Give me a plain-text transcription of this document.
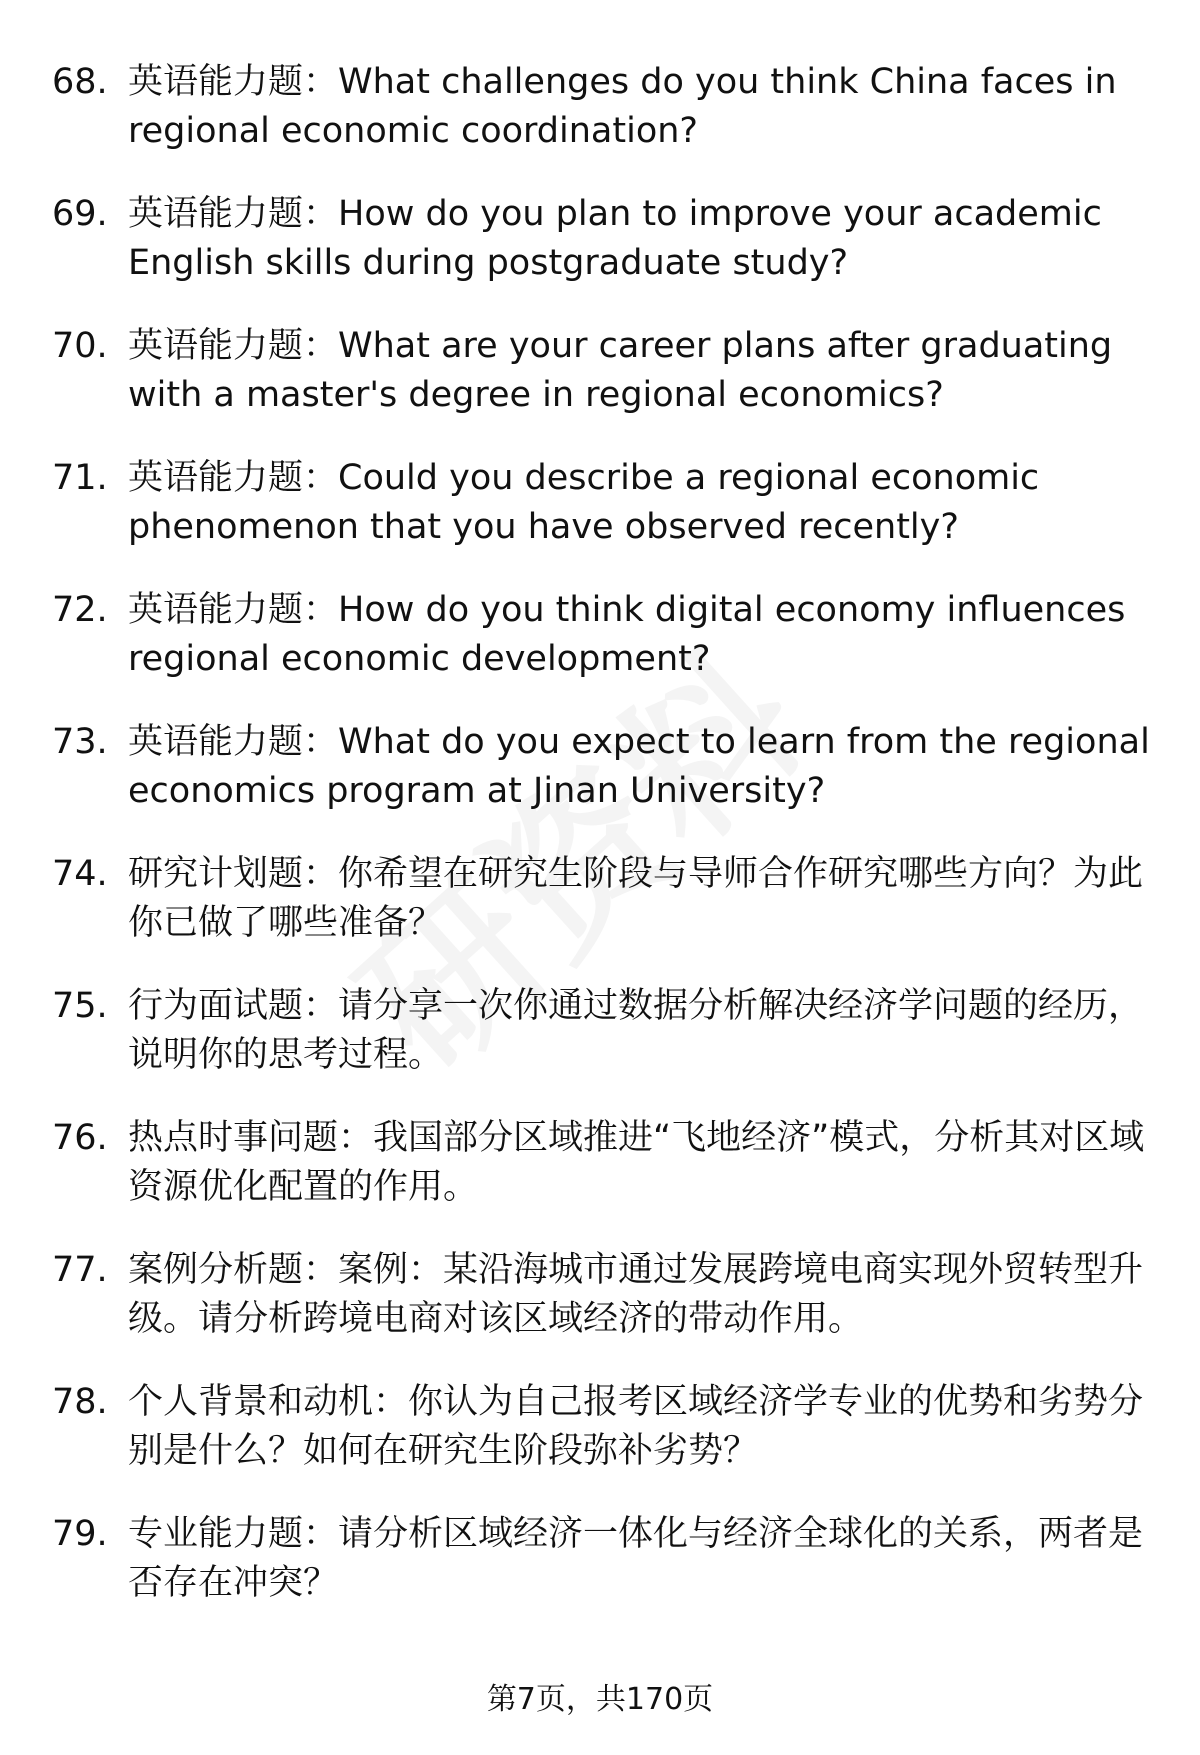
68. 英语能力题：What challenges do you think China faces in regional economic coordination?
69. 英语能力题：How do you plan to improve your academic English skills during postgraduate study?
70. 英语能力题：What are your career plans after graduating with a master's degree in regional economics?
71. 英语能力题：Could you describe a regional economic phenomenon that you have observed recently?
72. 英语能力题：How do you think digital economy influences regional economic development?
73. 英语能力题：What do you expect to learn from the regional economics program at Jinan University?
74. 研究计划题：你希望在研究生阶段与导师合作研究哪些方向？为此你已做了哪些准备？
75. 行为面试题：请分享一次你通过数据分析解决经济学问题的经历，说明你的思考过程。
76. 热点时事问题：我国部分区域推进“飞地经济”模式，分析其对区域资源优化配置的作用。
77. 案例分析题：案例：某沿海城市通过发展跨境电商实现外贸转型升级。请分析跨境电商对该区域经济的带动作用。
78. 个人背景和动机：你认为自己报考区域经济学专业的优势和劣势分别是什么？如何在研究生阶段弥补劣势？
79. 专业能力题：请分析区域经济一体化与经济全球化的关系，两者是否存在冲突？
第7页，共170页
